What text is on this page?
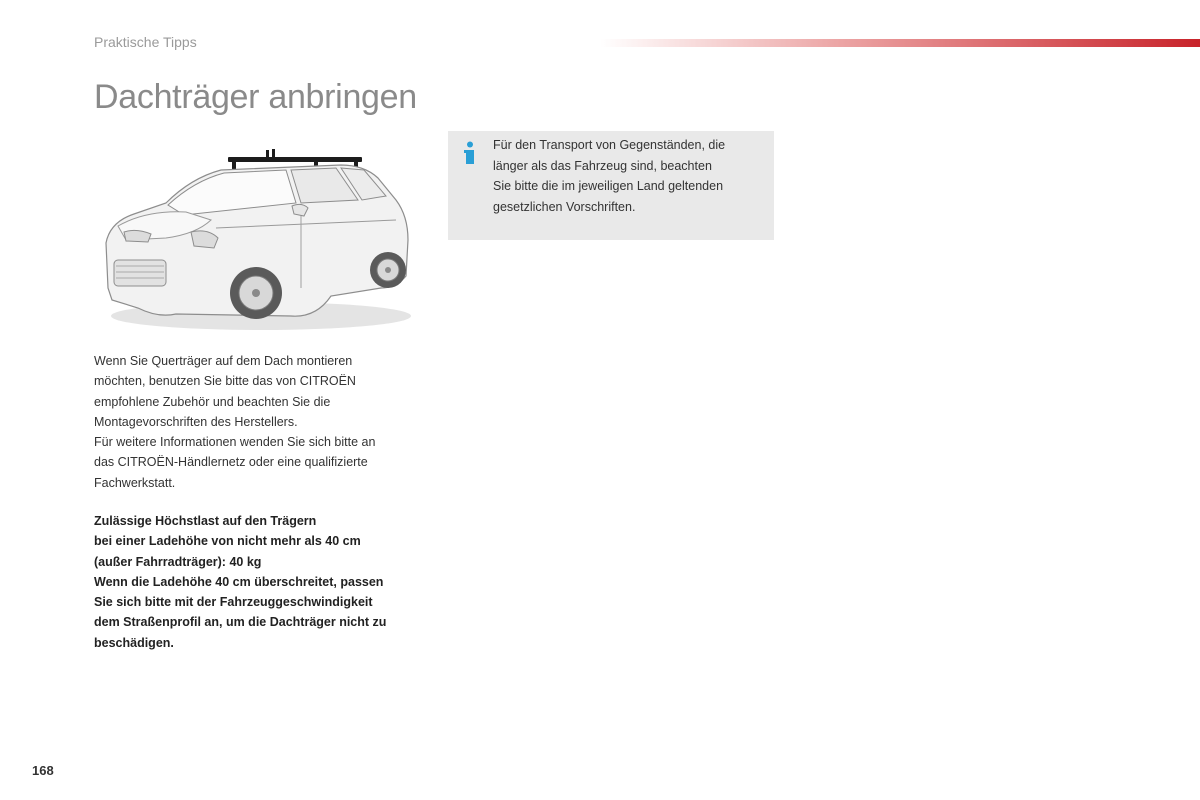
Praktische Tipps
Dachträger anbringen

Wenn Sie Querträger auf dem Dach montieren

möchten, benutzen Sie bitte das von CITROËN

empfohlene Zubehör und beachten Sie die

Montagevorschriften des Herstellers.

Für weitere Informationen wenden Sie sich bitte an

das CITROËN-Händlernetz oder eine qualifizierte

Fachwerkstatt.

Zulässige Höchstlast auf den Trägern

bei einer Ladehöhe von nicht mehr als 40 cm

(außer Fahrradträger): 40 kg

Wenn die Ladehöhe 40 cm überschreitet, passen

Sie sich bitte mit der Fahrzeuggeschwindigkeit

dem Straßenprofil an, um die Dachträger nicht zu

beschädigen.

Für den Transport von Gegenständen, die
länger als das Fahrzeug sind, beachten
Sie bitte die im jeweiligen Land geltenden
gesetzlichen Vorschriften.
168
